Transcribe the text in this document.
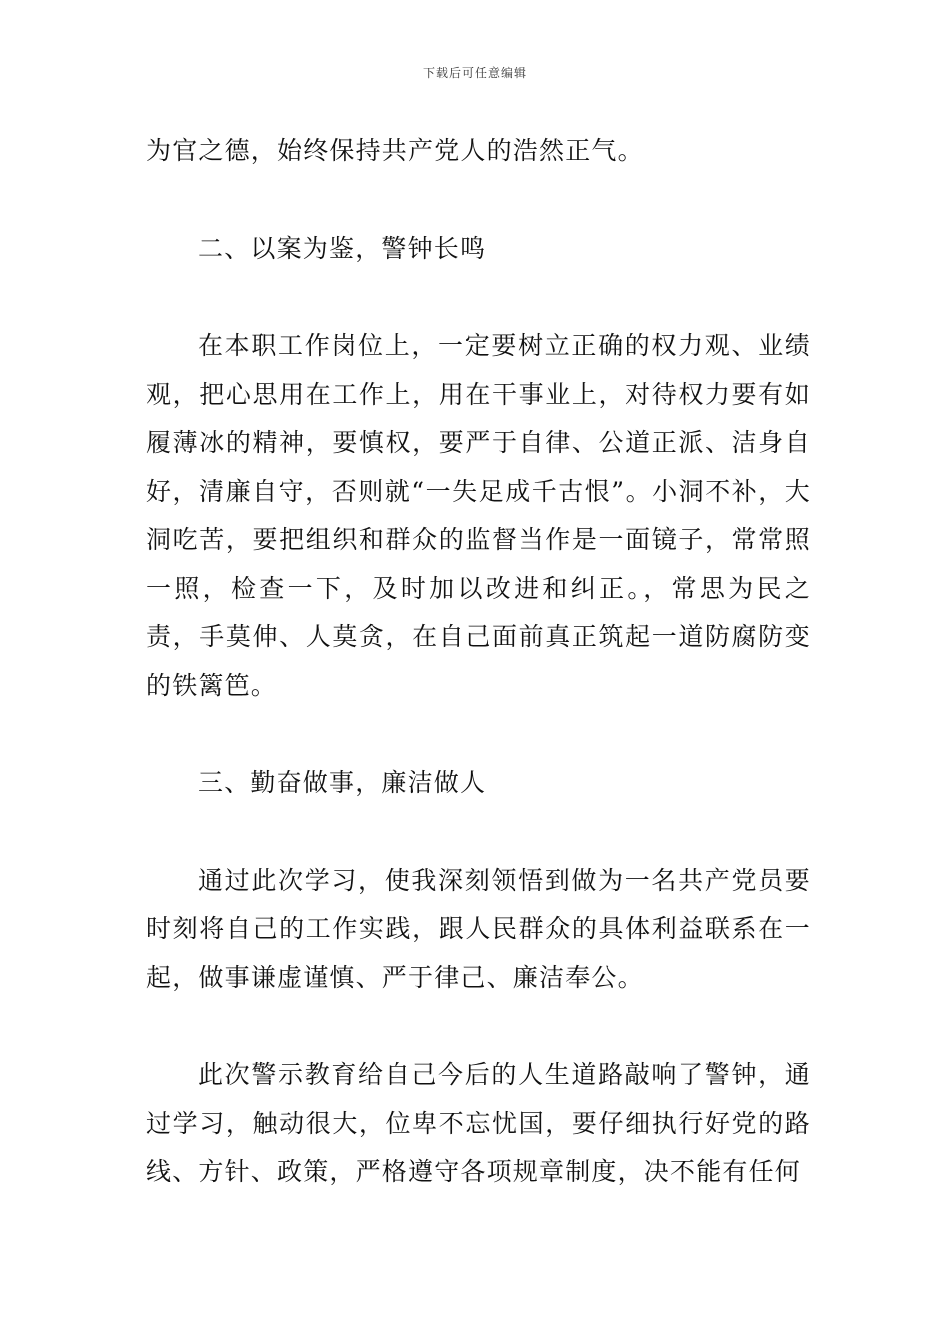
下载后可任意编辑

为官之德，始终保持共产党人的浩然正气。

二、以案为鉴，警钟长鸣

在本职工作岗位上，一定要树立正确的权力观、业绩观，把心思用在工作上，用在干事业上，对待权力要有如履薄冰的精神，要慎权，要严于自律、公道正派、洁身自好，清廉自守，否则就“一失足成千古恨”。小洞不补，大洞吃苦，要把组织和群众的监督当作是一面镜子，常常照一照，检查一下，及时加以改进和纠正。，常思为民之责，手莫伸、人莫贪，在自己面前真正筑起一道防腐防变的铁篱笆。

三、勤奋做事，廉洁做人

通过此次学习，使我深刻领悟到做为一名共产党员要时刻将自己的工作实践，跟人民群众的具体利益联系在一起，做事谦虚谨慎、严于律己、廉洁奉公。

此次警示教育给自己今后的人生道路敲响了警钟，通过学习，触动很大，位卑不忘忧国，要仔细执行好党的路线、方针、政策，严格遵守各项规章制度，决不能有任何
